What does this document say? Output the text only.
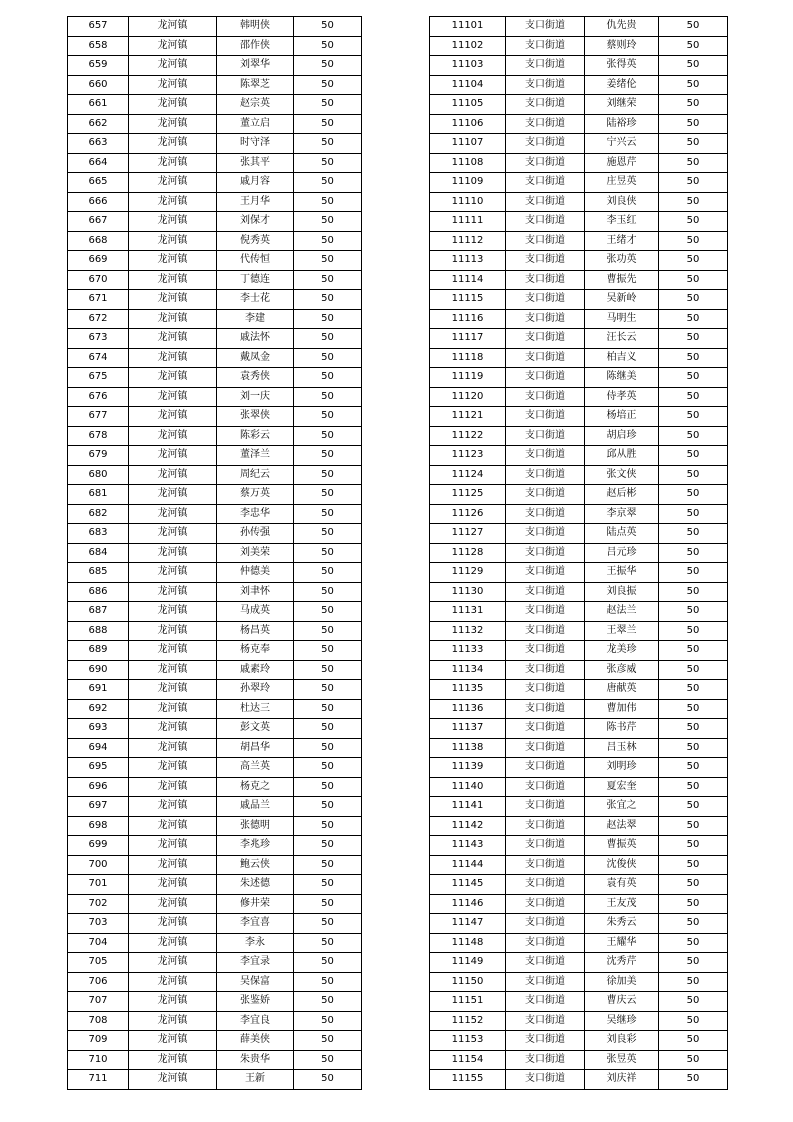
657	龙河镇	韩明侠	50
658	龙河镇	邵作侠	50
659	龙河镇	刘翠华	50
660	龙河镇	陈翠芝	50
661	龙河镇	赵宗英	50
662	龙河镇	董立启	50
663	龙河镇	时守泽	50
664	龙河镇	张其平	50
665	龙河镇	戚月容	50
666	龙河镇	王月华	50
667	龙河镇	刘保才	50
668	龙河镇	倪秀英	50
669	龙河镇	代传恒	50
670	龙河镇	丁德连	50
671	龙河镇	李士花	50
672	龙河镇	李建	50
673	龙河镇	戚法怀	50
674	龙河镇	戴凤金	50
675	龙河镇	袁秀侠	50
676	龙河镇	刘一庆	50
677	龙河镇	张翠侠	50
678	龙河镇	陈彩云	50
679	龙河镇	董泽兰	50
680	龙河镇	周纪云	50
681	龙河镇	蔡万英	50
682	龙河镇	李忠华	50
683	龙河镇	孙传强	50
684	龙河镇	刘美荣	50
685	龙河镇	仲德美	50
686	龙河镇	刘聿怀	50
687	龙河镇	马成英	50
688	龙河镇	杨昌英	50
689	龙河镇	杨克奉	50
690	龙河镇	戚素玲	50
691	龙河镇	孙翠玲	50
692	龙河镇	杜达三	50
693	龙河镇	彭文英	50
694	龙河镇	胡昌华	50
695	龙河镇	高兰英	50
696	龙河镇	杨克之	50
697	龙河镇	戚品兰	50
698	龙河镇	张德明	50
699	龙河镇	李兆珍	50
700	龙河镇	鲍云侠	50
701	龙河镇	朱述德	50
702	龙河镇	修井荣	50
703	龙河镇	李宜喜	50
704	龙河镇	李永	50
705	龙河镇	李宜录	50
706	龙河镇	吴保富	50
707	龙河镇	张鉴娇	50
708	龙河镇	李宜良	50
709	龙河镇	薛美侠	50
710	龙河镇	朱贵华	50
711	龙河镇	王新	50
11101	支口街道	仇先贵	50
11102	支口街道	蔡则玲	50
11103	支口街道	张得英	50
11104	支口街道	姜绪伦	50
11105	支口街道	刘继荣	50
11106	支口街道	陆裕珍	50
11107	支口街道	宁兴云	50
11108	支口街道	施恩芹	50
11109	支口街道	庄昱英	50
11110	支口街道	刘良侠	50
11111	支口街道	李玉红	50
11112	支口街道	王绪才	50
11113	支口街道	张功英	50
11114	支口街道	曹振先	50
11115	支口街道	吴新岭	50
11116	支口街道	马明生	50
11117	支口街道	汪长云	50
11118	支口街道	柏吉义	50
11119	支口街道	陈继美	50
11120	支口街道	侍孝英	50
11121	支口街道	杨培正	50
11122	支口街道	胡启珍	50
11123	支口街道	邱从胜	50
11124	支口街道	张文侠	50
11125	支口街道	赵后彬	50
11126	支口街道	李京翠	50
11127	支口街道	陆点英	50
11128	支口街道	吕元珍	50
11129	支口街道	王振华	50
11130	支口街道	刘良振	50
11131	支口街道	赵法兰	50
11132	支口街道	王翠兰	50
11133	支口街道	龙美珍	50
11134	支口街道	张彦威	50
11135	支口街道	唐献英	50
11136	支口街道	曹加伟	50
11137	支口街道	陈书芹	50
11138	支口街道	吕玉林	50
11139	支口街道	刘明珍	50
11140	支口街道	夏宏奎	50
11141	支口街道	张宜之	50
11142	支口街道	赵法翠	50
11143	支口街道	曹振英	50
11144	支口街道	沈俊侠	50
11145	支口街道	袁有英	50
11146	支口街道	王友茂	50
11147	支口街道	朱秀云	50
11148	支口街道	王耀华	50
11149	支口街道	沈秀芹	50
11150	支口街道	徐加美	50
11151	支口街道	曹庆云	50
11152	支口街道	吴继珍	50
11153	支口街道	刘良彩	50
11154	支口街道	张昱英	50
11155	支口街道	刘庆祥	50
